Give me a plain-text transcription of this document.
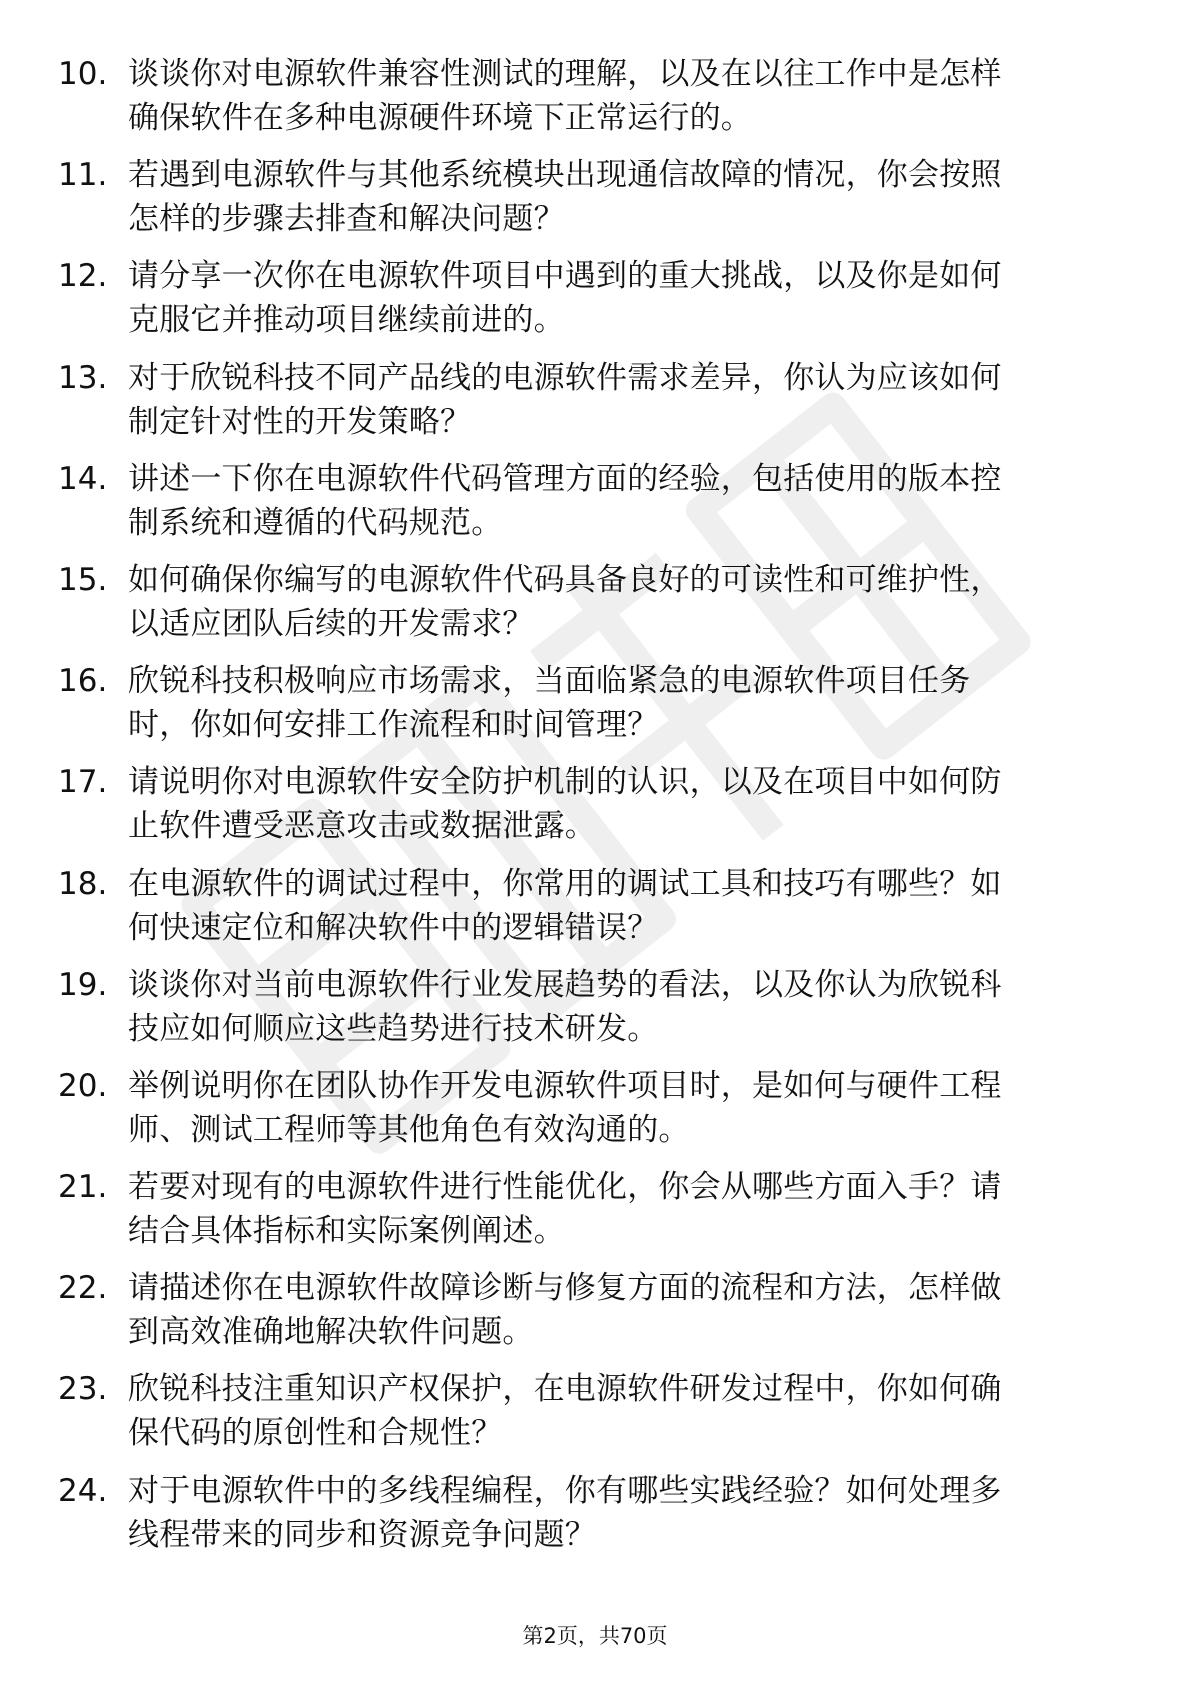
10. 谈谈你对电源软件兼容性测试的理解，以及在以往工作中是怎样
确保软件在多种电源硬件环境下正常运行的。
11. 若遇到电源软件与其他系统模块出现通信故障的情况，你会按照
怎样的步骤去排查和解决问题？
12. 请分享一次你在电源软件项目中遇到的重大挑战，以及你是如何
克服它并推动项目继续前进的。
13. 对于欣锐科技不同产品线的电源软件需求差异，你认为应该如何
制定针对性的开发策略？
14. 讲述一下你在电源软件代码管理方面的经验，包括使用的版本控
制系统和遵循的代码规范。
15. 如何确保你编写的电源软件代码具备良好的可读性和可维护性，
以适应团队后续的开发需求？
16. 欣锐科技积极响应市场需求，当面临紧急的电源软件项目任务
时，你如何安排工作流程和时间管理？
17. 请说明你对电源软件安全防护机制的认识，以及在项目中如何防
止软件遭受恶意攻击或数据泄露。
18. 在电源软件的调试过程中，你常用的调试工具和技巧有哪些？如
何快速定位和解决软件中的逻辑错误？
19. 谈谈你对当前电源软件行业发展趋势的看法，以及你认为欣锐科
技应如何顺应这些趋势进行技术研发。
20. 举例说明你在团队协作开发电源软件项目时，是如何与硬件工程
师、测试工程师等其他角色有效沟通的。
21. 若要对现有的电源软件进行性能优化，你会从哪些方面入手？请
结合具体指标和实际案例阐述。
22. 请描述你在电源软件故障诊断与修复方面的流程和方法，怎样做
到高效准确地解决软件问题。
23. 欣锐科技注重知识产权保护，在电源软件研发过程中，你如何确
保代码的原创性和合规性？
24. 对于电源软件中的多线程编程，你有哪些实践经验？如何处理多
线程带来的同步和资源竞争问题？
第2页，共70页
